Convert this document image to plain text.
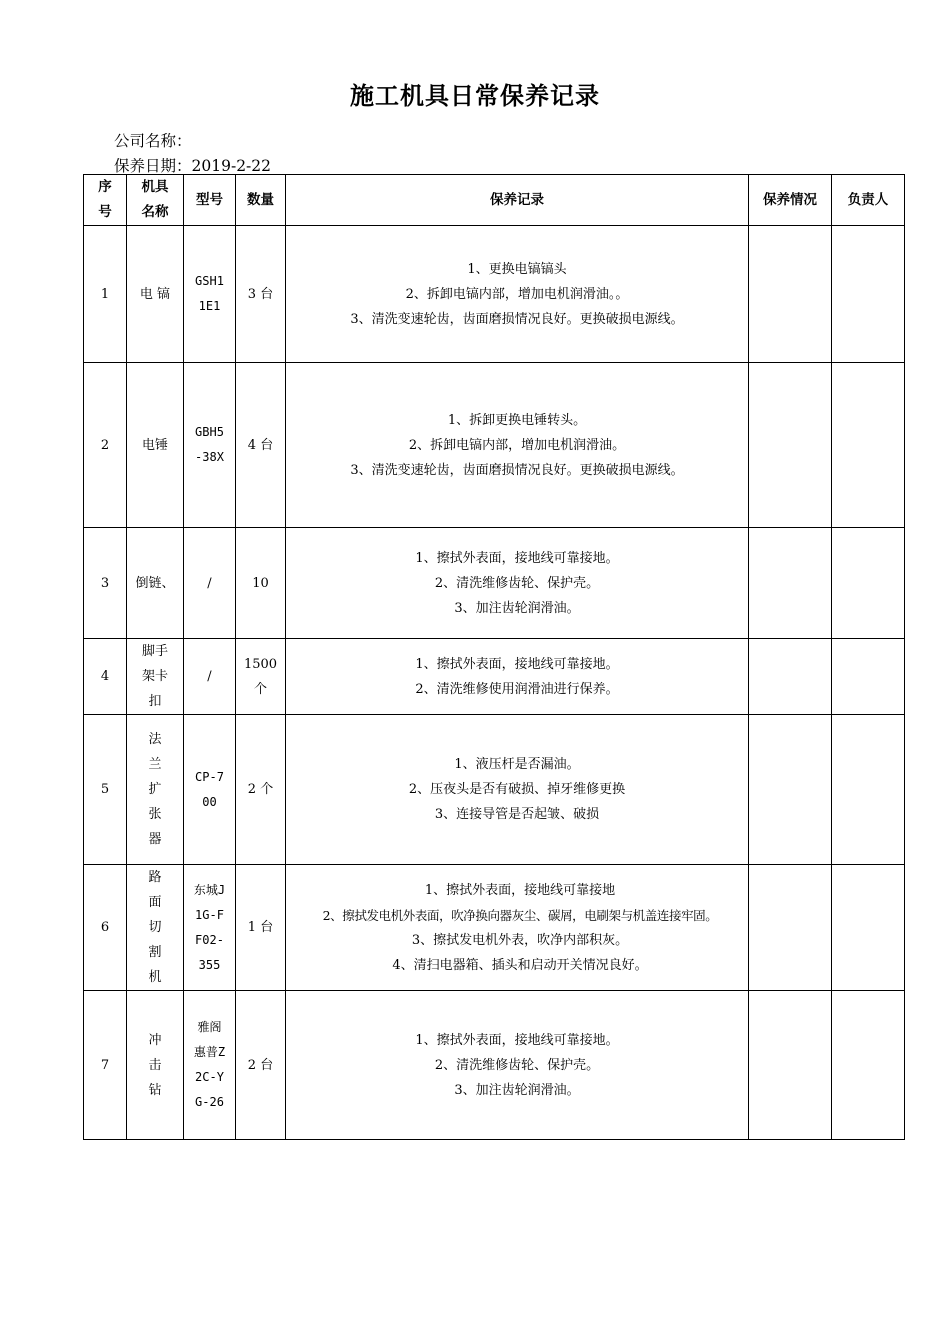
施工机具日常保养记录
公司名称：
保养日期：2019-2-22
序号	机具名称	型号	数量	保养记录	保养情况	负责人
1	电 镐	GSH11E1	3 台	1、更换电镐镐头
2、拆卸电镐内部，增加电机润滑油。。
3、清洗变速轮齿，齿面磨损情况良好。更换破损电源线。		

2	电锤	GBH5-38X	4 台	1、拆卸更换电锤转头。
2、拆卸电镐内部，增加电机润滑油。
3、清洗变速轮齿，齿面磨损情况良好。更换破损电源线。		

3	倒链、	/	10	1、擦拭外表面，接地线可靠接地。
2、清洗维修齿轮、保护壳。
3、加注齿轮润滑油。		

4	脚手架卡扣	/	1500个	1、擦拭外表面，接地线可靠接地。
2、清洗维修使用润滑油进行保养。		

5	法兰扩张器	CP-700	2 个	1、液压杆是否漏油。
2、压夜头是否有破损、掉牙维修更换
3、连接导管是否起皱、破损		

6	路面切割机	东城J1G-FF02-355	1 台	1、擦拭外表面，接地线可靠接地
2、擦拭发电机外表面，吹净换向器灰尘、碳屑，电刷架与机盖连接牢固。
3、擦拭发电机外表，吹净内部积灰。
4、清扫电器箱、插头和启动开关情况良好。		

7	冲击钻	雅阁惠普Z2C-YG-26	2 台	1、擦拭外表面，接地线可靠接地。
2、清洗维修齿轮、保护壳。
3、加注齿轮润滑油。		
